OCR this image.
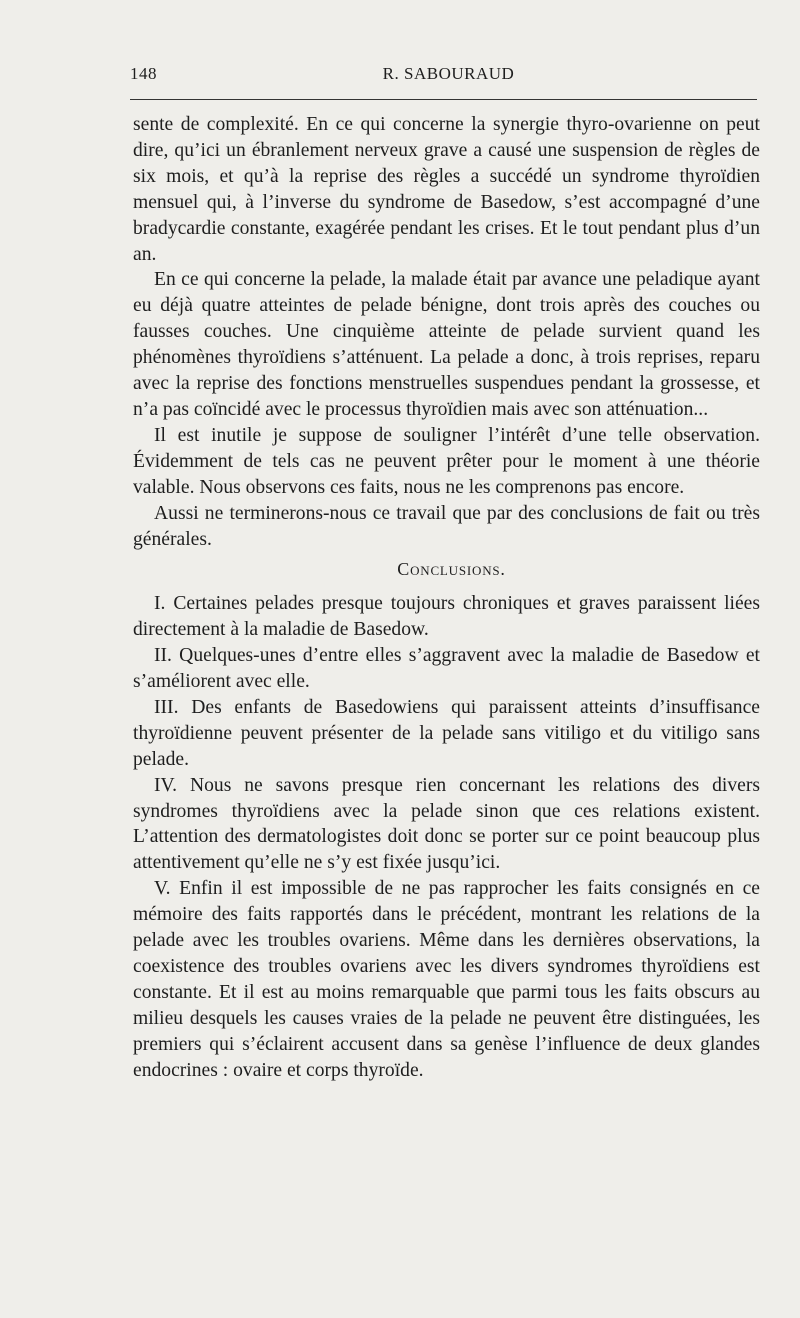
148	R. SABOURAUD

sente de complexité. En ce qui concerne la synergie thyro-ovarienne on peut dire, qu’ici un ébranlement nerveux grave a causé une suspension de règles de six mois, et qu’à la reprise des règles a succédé un syndrome thyroïdien mensuel qui, à l’inverse du syndrome de Basedow, s’est accompagné d’une bradycardie constante, exagérée pendant les crises. Et le tout pendant plus d’un an.

En ce qui concerne la pelade, la malade était par avance une peladique ayant eu déjà quatre atteintes de pelade bénigne, dont trois après des couches ou fausses couches. Une cinquième atteinte de pelade survient quand les phénomènes thyroïdiens s’atténuent. La pelade a donc, à trois reprises, reparu avec la reprise des fonctions menstruelles suspendues pendant la grossesse, et n’a pas coïncidé avec le processus thyroïdien mais avec son atténuation...

Il est inutile je suppose de souligner l’intérêt d’une telle observation. Évidemment de tels cas ne peuvent prêter pour le moment à une théorie valable. Nous observons ces faits, nous ne les comprenons pas encore.

Aussi ne terminerons-nous ce travail que par des conclusions de fait ou très générales.

Conclusions.

I. Certaines pelades presque toujours chroniques et graves paraissent liées directement à la maladie de Basedow.

II. Quelques-unes d’entre elles s’aggravent avec la maladie de Basedow et s’améliorent avec elle.

III. Des enfants de Basedowiens qui paraissent atteints d’insuffisance thyroïdienne peuvent présenter de la pelade sans vitiligo et du vitiligo sans pelade.

IV. Nous ne savons presque rien concernant les relations des divers syndromes thyroïdiens avec la pelade sinon que ces relations existent. L’attention des dermatologistes doit donc se porter sur ce point beaucoup plus attentivement qu’elle ne s’y est fixée jusqu’ici.

V. Enfin il est impossible de ne pas rapprocher les faits consignés en ce mémoire des faits rapportés dans le précédent, montrant les relations de la pelade avec les troubles ovariens. Même dans les dernières observations, la coexistence des troubles ovariens avec les divers syndromes thyroïdiens est constante. Et il est au moins remarquable que parmi tous les faits obscurs au milieu desquels les causes vraies de la pelade ne peuvent être distinguées, les premiers qui s’éclairent accusent dans sa genèse l’influence de deux glandes endocrines : ovaire et corps thyroïde.
